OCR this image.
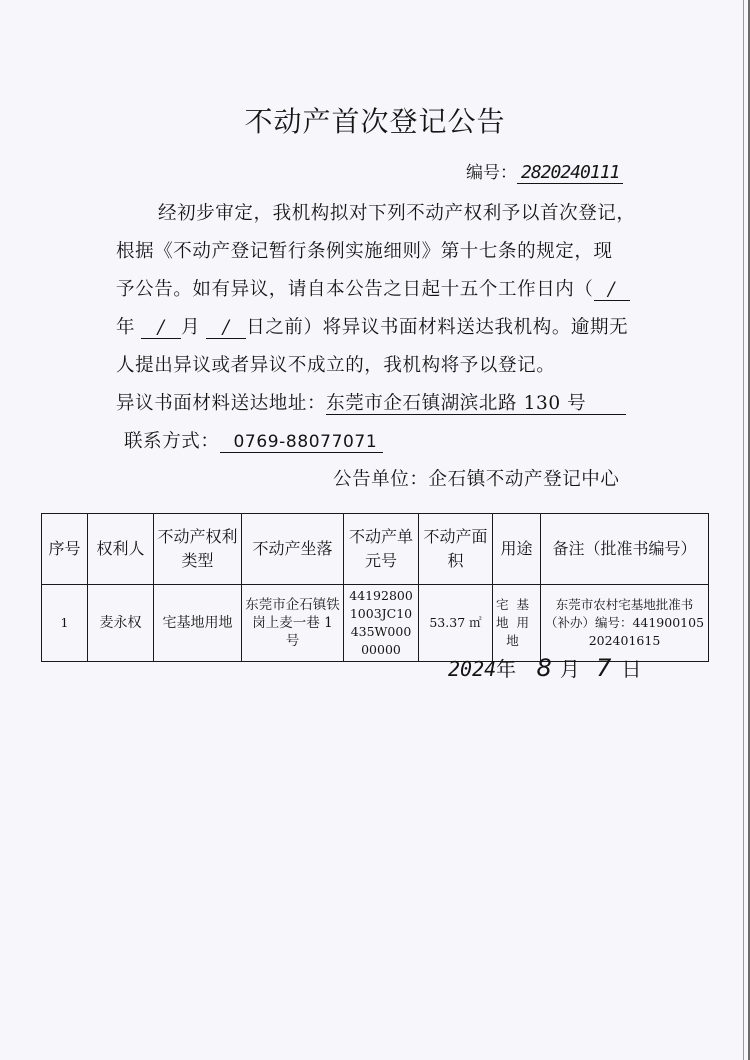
不动产首次登记公告
编号： 2820240111
经初步审定，我机构拟对下列不动产权利予以首次登记，
根据《不动产登记暂行条例实施细则》第十七条的规定，现
予公告。如有异议，请自本公告之日起十五个工作日内（ /
年 / 月 / 日之前）将异议书面材料送达我机构。逾期无
人提出异议或者异议不成立的，我机构将予以登记。
异议书面材料送达地址：东莞市企石镇湖滨北路 130 号
联系方式： 0769-88077071
公告单位：企石镇不动产登记中心
序号	权利人	不动产权利类型	不动产坐落	不动产单元号	不动产面积	用途	备注（批准书编号）
1	麦永权	宅基地用地	东莞市企石镇铁岗上麦一巷 1 号	441928001003JC10435W00000000	53.37 ㎡	宅基地用地	东莞市农村宅基地批准书（补办）编号：441900105202401615
2024年 8 月 7 日
